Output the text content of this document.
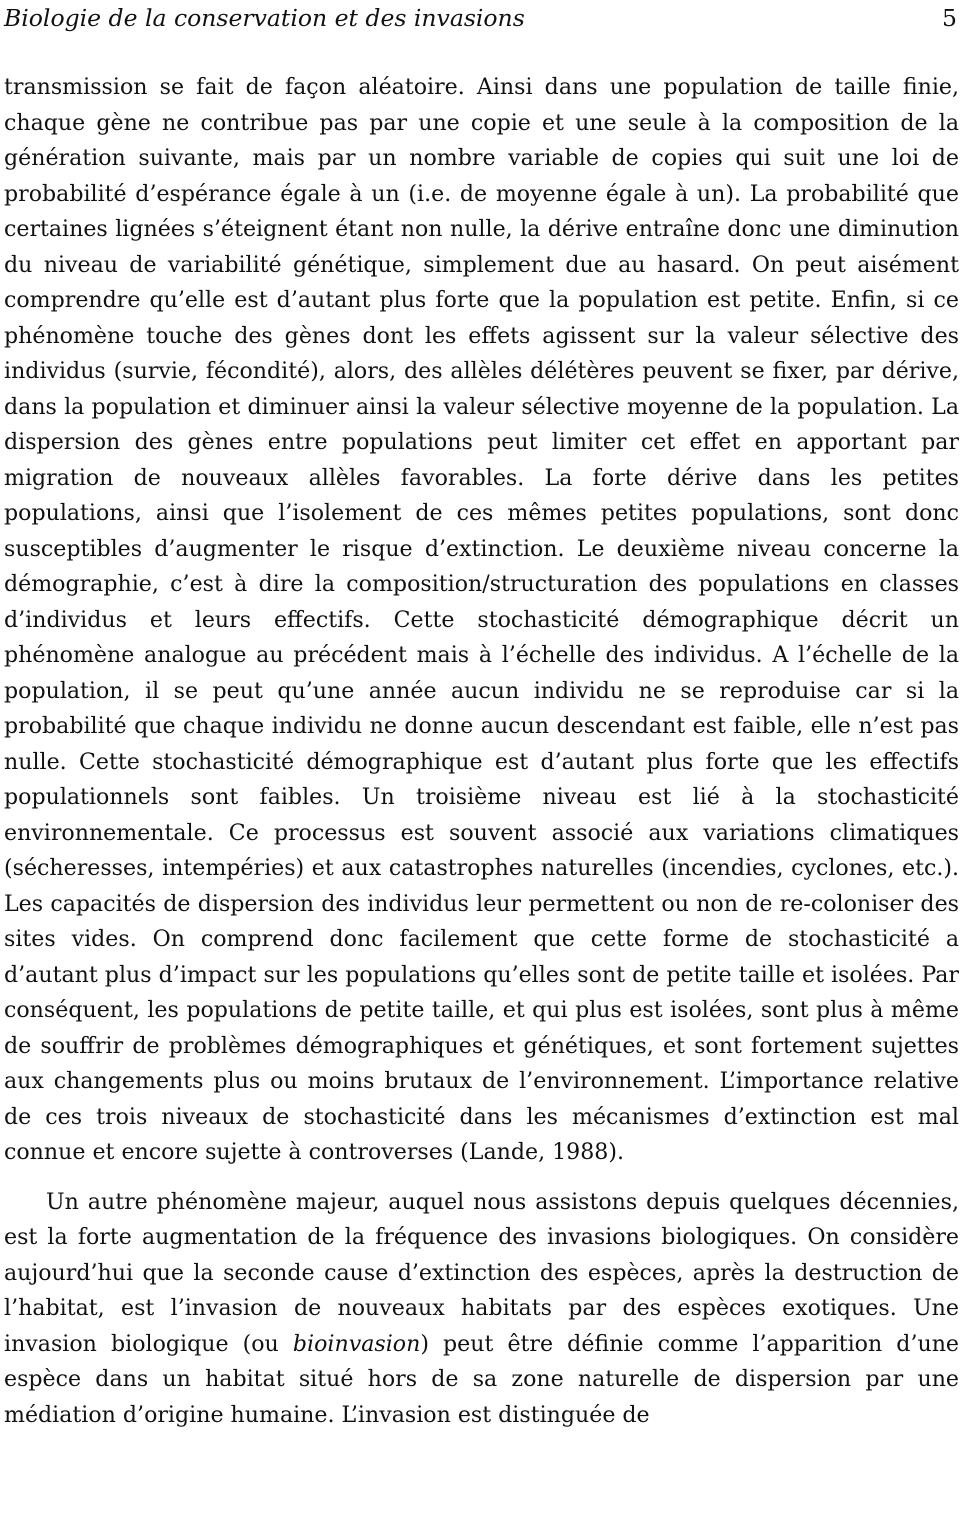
Biologie de la conservation et des invasions	5

transmission se fait de façon aléatoire. Ainsi dans une population de taille finie, chaque gène ne contribue pas par une copie et une seule à la composition de la génération suivante, mais par un nombre variable de copies qui suit une loi de probabilité d’espérance égale à un (i.e. de moyenne égale à un). La probabilité que certaines lignées s’éteignent étant non nulle, la dérive entraîne donc une diminution du niveau de variabilité génétique, simplement due au hasard. On peut aisément comprendre qu’elle est d’autant plus forte que la population est petite. Enfin, si ce phénomène touche des gènes dont les effets agissent sur la valeur sélective des individus (survie, fécondité), alors, des allèles délétères peuvent se fixer, par dérive, dans la population et diminuer ainsi la valeur sélective moyenne de la population. La dispersion des gènes entre populations peut limiter cet effet en apportant par migration de nouveaux allèles favorables. La forte dérive dans les petites populations, ainsi que l’isolement de ces mêmes petites populations, sont donc susceptibles d’augmenter le risque d’extinction. Le deuxième niveau concerne la démographie, c’est à dire la composition/structuration des populations en classes d’individus et leurs effectifs. Cette stochasticité démographique décrit un phénomène analogue au précédent mais à l’échelle des individus. A l’échelle de la population, il se peut qu’une année aucun individu ne se reproduise car si la probabilité que chaque individu ne donne aucun descendant est faible, elle n’est pas nulle. Cette stochasticité démographique est d’autant plus forte que les effectifs populationnels sont faibles. Un troisième niveau est lié à la stochasticité environnementale. Ce processus est souvent associé aux variations climatiques (sécheresses, intempéries) et aux catastrophes naturelles (incendies, cyclones, etc.). Les capacités de dispersion des individus leur permettent ou non de re-coloniser des sites vides. On comprend donc facilement que cette forme de stochasticité a d’autant plus d’impact sur les populations qu’elles sont de petite taille et isolées. Par conséquent, les populations de petite taille, et qui plus est isolées, sont plus à même de souffrir de problèmes démographiques et génétiques, et sont fortement sujettes aux changements plus ou moins brutaux de l’environnement. L’importance relative de ces trois niveaux de stochasticité dans les mécanismes d’extinction est mal connue et encore sujette à controverses (Lande, 1988).

Un autre phénomène majeur, auquel nous assistons depuis quelques décennies, est la forte augmentation de la fréquence des invasions biologiques. On considère aujourd’hui que la seconde cause d’extinction des espèces, après la destruction de l’habitat, est l’invasion de nouveaux habitats par des espèces exotiques. Une invasion biologique (ou bioinvasion) peut être définie comme l’apparition d’une espèce dans un habitat situé hors de sa zone naturelle de dispersion par une médiation d’origine humaine. L’invasion est distinguée de
